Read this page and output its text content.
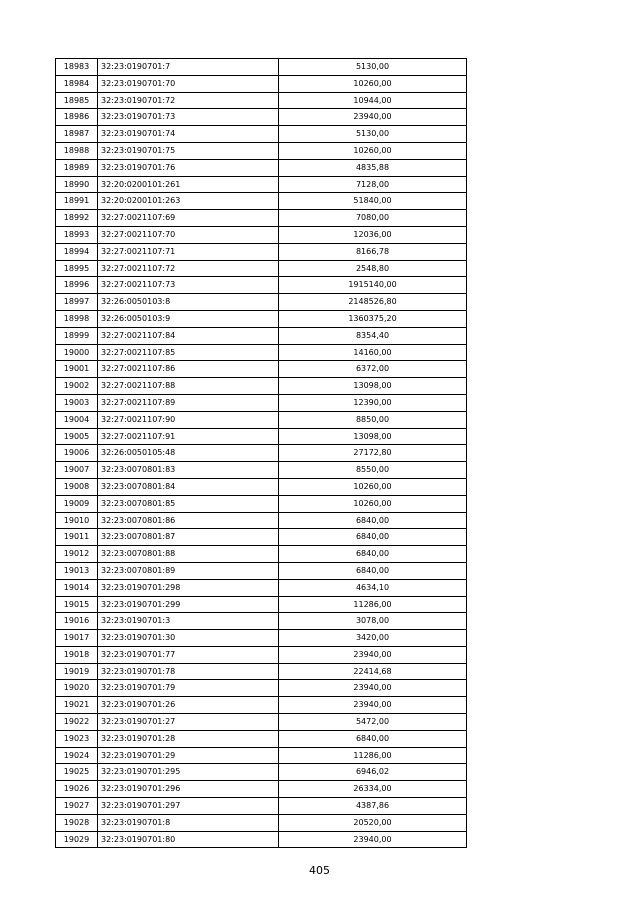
18983	32:23:0190701:7	5130,00
18984	32:23:0190701:70	10260,00
18985	32:23:0190701:72	10944,00
18986	32:23:0190701:73	23940,00
18987	32:23:0190701:74	5130,00
18988	32:23:0190701:75	10260,00
18989	32:23:0190701:76	4835,88
18990	32:20:0200101:261	7128,00
18991	32:20:0200101:263	51840,00
18992	32:27:0021107:69	7080,00
18993	32:27:0021107:70	12036,00
18994	32:27:0021107:71	8166,78
18995	32:27:0021107:72	2548,80
18996	32:27:0021107:73	1915140,00
18997	32:26:0050103:8	2148526,80
18998	32:26:0050103:9	1360375,20
18999	32:27:0021107:84	8354,40
19000	32:27:0021107:85	14160,00
19001	32:27:0021107:86	6372,00
19002	32:27:0021107:88	13098,00
19003	32:27:0021107:89	12390,00
19004	32:27:0021107:90	8850,00
19005	32:27:0021107:91	13098,00
19006	32:26:0050105:48	27172,80
19007	32:23:0070801:83	8550,00
19008	32:23:0070801:84	10260,00
19009	32:23:0070801:85	10260,00
19010	32:23:0070801:86	6840,00
19011	32:23:0070801:87	6840,00
19012	32:23:0070801:88	6840,00
19013	32:23:0070801:89	6840,00
19014	32:23:0190701:298	4634,10
19015	32:23:0190701:299	11286,00
19016	32:23:0190701:3	3078,00
19017	32:23:0190701:30	3420,00
19018	32:23:0190701:77	23940,00
19019	32:23:0190701:78	22414,68
19020	32:23:0190701:79	23940,00
19021	32:23:0190701:26	23940,00
19022	32:23:0190701:27	5472,00
19023	32:23:0190701:28	6840,00
19024	32:23:0190701:29	11286,00
19025	32:23:0190701:295	6946,02
19026	32:23:0190701:296	26334,00
19027	32:23:0190701:297	4387,86
19028	32:23:0190701:8	20520,00
19029	32:23:0190701:80	23940,00
405
